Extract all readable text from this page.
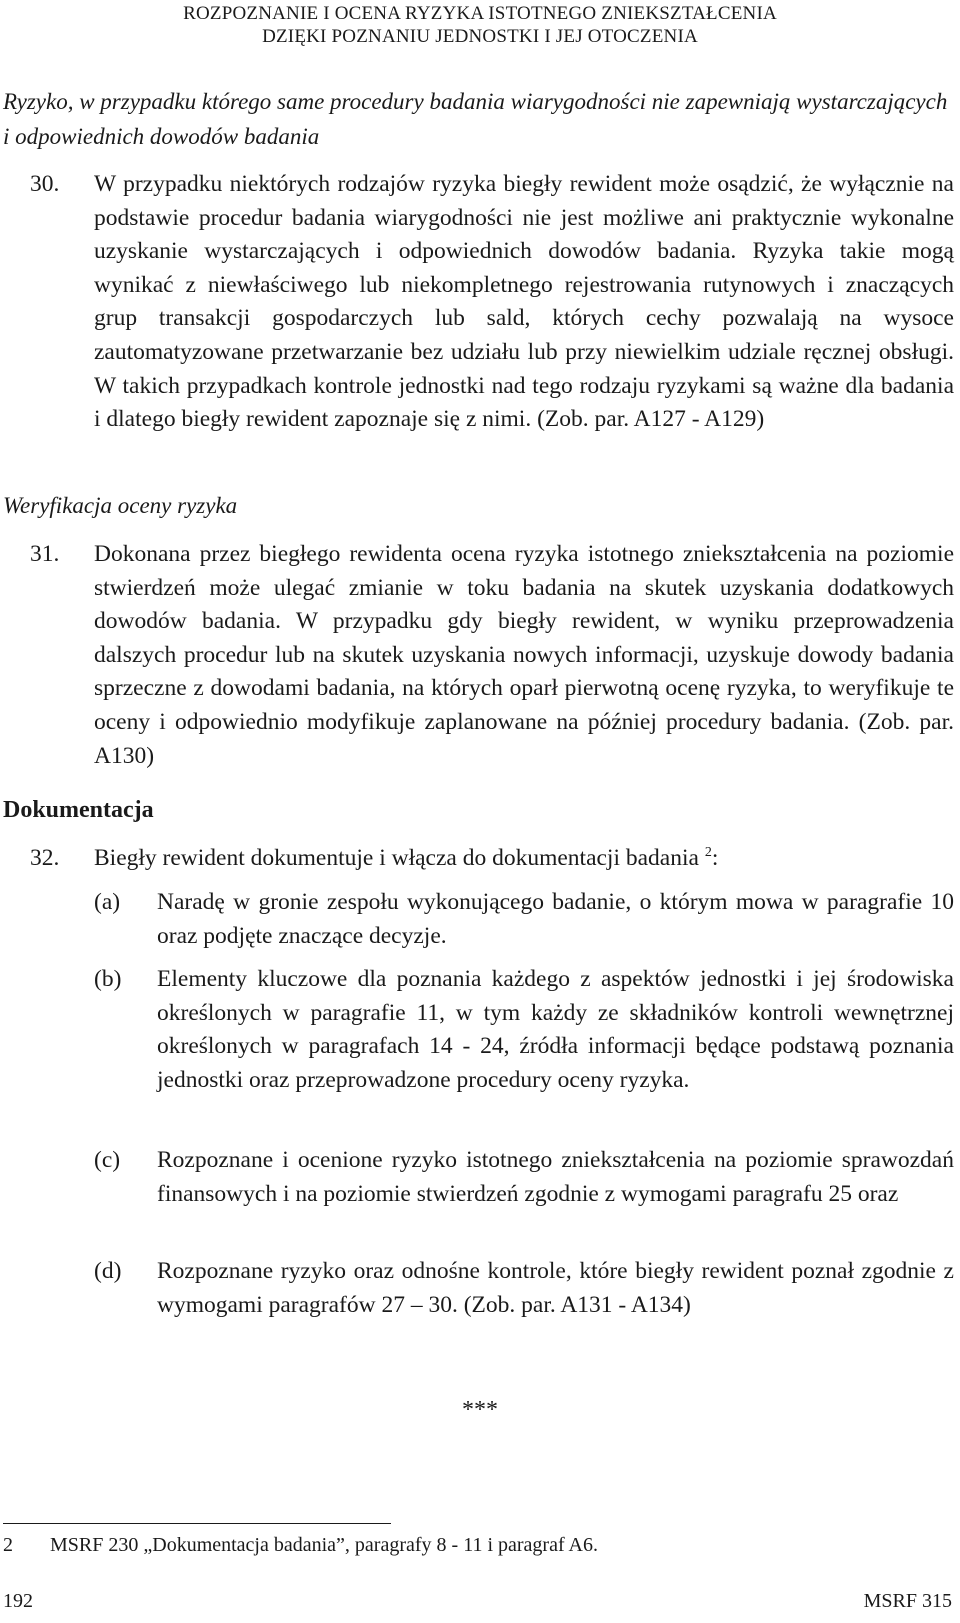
ROZPOZNANIE I OCENA RYZYKA ISTOTNEGO ZNIEKSZTAŁCENIA
DZIĘKI POZNANIU JEDNOSTKI I JEJ OTOCZENIA
Ryzyko, w przypadku którego same procedury badania wiarygodności nie zapewniają wystarczających i odpowiednich dowodów badania
30. W przypadku niektórych rodzajów ryzyka biegły rewident może osądzić, że wyłącznie na podstawie procedur badania wiarygodności nie jest możliwe ani praktycznie wykonalne uzyskanie wystarczających i odpowiednich dowodów badania. Ryzyka takie mogą wynikać z niewłaściwego lub niekompletnego rejestrowania rutynowych i znaczących grup transakcji gospodarczych lub sald, których cechy pozwalają na wysoce zautomatyzowane przetwarzanie bez udziału lub przy niewielkim udziale ręcznej obsługi. W takich przypadkach kontrole jednostki nad tego rodzaju ryzykami są ważne dla badania i dlatego biegły rewident zapoznaje się z nimi. (Zob. par. A127 - A129)
Weryfikacja oceny ryzyka
31. Dokonana przez biegłego rewidenta ocena ryzyka istotnego zniekształcenia na poziomie stwierdzeń może ulegać zmianie w toku badania na skutek uzyskania dodatkowych dowodów badania. W przypadku gdy biegły rewident, w wyniku przeprowadzenia dalszych procedur lub na skutek uzyskania nowych informacji, uzyskuje dowody badania sprzeczne z dowodami badania, na których oparł pierwotną ocenę ryzyka, to weryfikuje te oceny i odpowiednio modyfikuje zaplanowane na później procedury badania. (Zob. par. A130)
Dokumentacja
32. Biegły rewident dokumentuje i włącza do dokumentacji badania $^2$:
(a) Naradę w gronie zespołu wykonującego badanie, o którym mowa w paragrafie 10 oraz podjęte znaczące decyzje.
(b) Elementy kluczowe dla poznania każdego z aspektów jednostki i jej środowiska określonych w paragrafie 11, w tym każdy ze składników kontroli wewnętrznej określonych w paragrafach 14 - 24, źródła informacji będące podstawą poznania jednostki oraz przeprowadzone procedury oceny ryzyka.
(c) Rozpoznane i ocenione ryzyko istotnego zniekształcenia na poziomie sprawozdań finansowych i na poziomie stwierdzeń zgodnie z wymogami paragrafu 25 oraz
(d) Rozpoznane ryzyko oraz odnośne kontrole, które biegły rewident poznał zgodnie z wymogami paragrafów 27 – 30. (Zob. par. A131 - A134)
***
2 MSRF 230 „Dokumentacja badania”, paragrafy 8 - 11 i paragraf A6.
192	MSRF 315
